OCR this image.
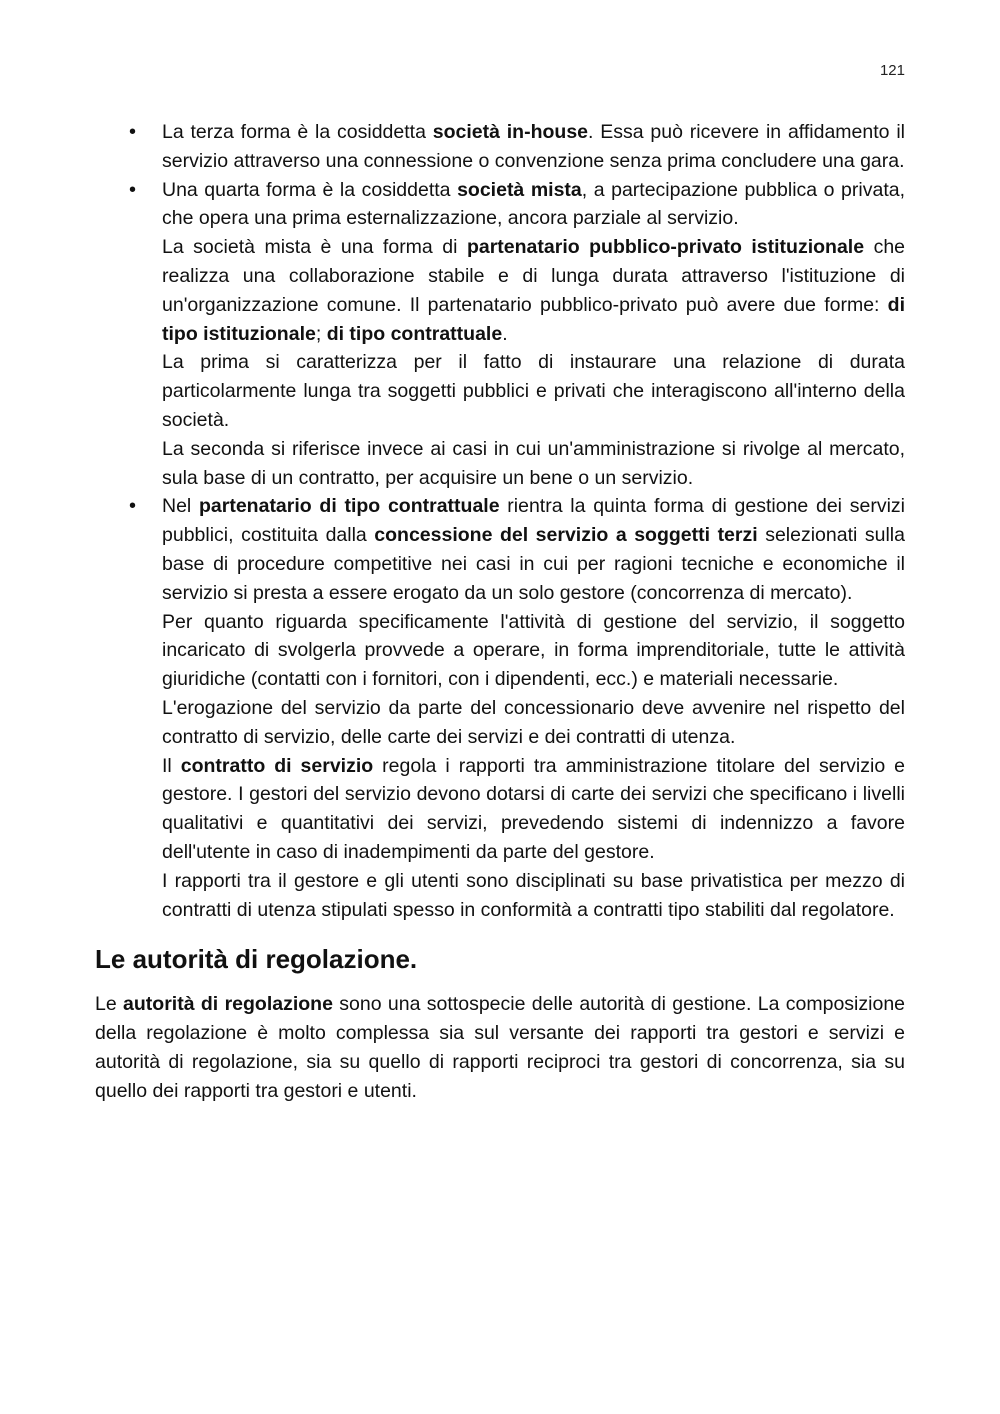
121
• La terza forma è la cosiddetta società in-house. Essa può ricevere in affidamento il servizio attraverso una connessione o convenzione senza prima concludere una gara.

• Una quarta forma è la cosiddetta società mista, a partecipazione pubblica o privata, che opera una prima esternalizzazione, ancora parziale al servizio.

La società mista è una forma di partenatario pubblico-privato istituzionale che realizza una collaborazione stabile e di lunga durata attraverso l'istituzione di un'organizzazione comune. Il partenatario pubblico-privato può avere due forme: di tipo istituzionale; di tipo contrattuale.

La prima si caratterizza per il fatto di instaurare una relazione di durata particolarmente lunga tra soggetti pubblici e privati che interagiscono all'interno della società.

La seconda si riferisce invece ai casi in cui un'amministrazione si rivolge al mercato, sula base di un contratto, per acquisire un bene o un servizio.

• Nel partenatario di tipo contrattuale rientra la quinta forma di gestione dei servizi pubblici, costituita dalla concessione del servizio a soggetti terzi selezionati sulla base di procedure competitive nei casi in cui per ragioni tecniche e economiche il servizio si presta a essere erogato da un solo gestore (concorrenza di mercato).

Per quanto riguarda specificamente l'attività di gestione del servizio, il soggetto incaricato di svolgerla provvede a operare, in forma imprenditoriale, tutte le attività giuridiche (contatti con i fornitori, con i dipendenti, ecc.) e materiali necessarie.

L'erogazione del servizio da parte del concessionario deve avvenire nel rispetto del contratto di servizio, delle carte dei servizi e dei contratti di utenza.

Il contratto di servizio regola i rapporti tra amministrazione titolare del servizio e gestore. I gestori del servizio devono dotarsi di carte dei servizi che specificano i livelli qualitativi e quantitativi dei servizi, prevedendo sistemi di indennizzo a favore dell'utente in caso di inadempimenti da parte del gestore.

I rapporti tra il gestore e gli utenti sono disciplinati su base privatistica per mezzo di contratti di utenza stipulati spesso in conformità a contratti tipo stabiliti dal regolatore.

Le autorità di regolazione.

Le autorità di regolazione sono una sottospecie delle autorità di gestione. La composizione della regolazione è molto complessa sia sul versante dei rapporti tra gestori e servizi e autorità di regolazione, sia su quello di rapporti reciproci tra gestori di concorrenza, sia su quello dei rapporti tra gestori e utenti.
